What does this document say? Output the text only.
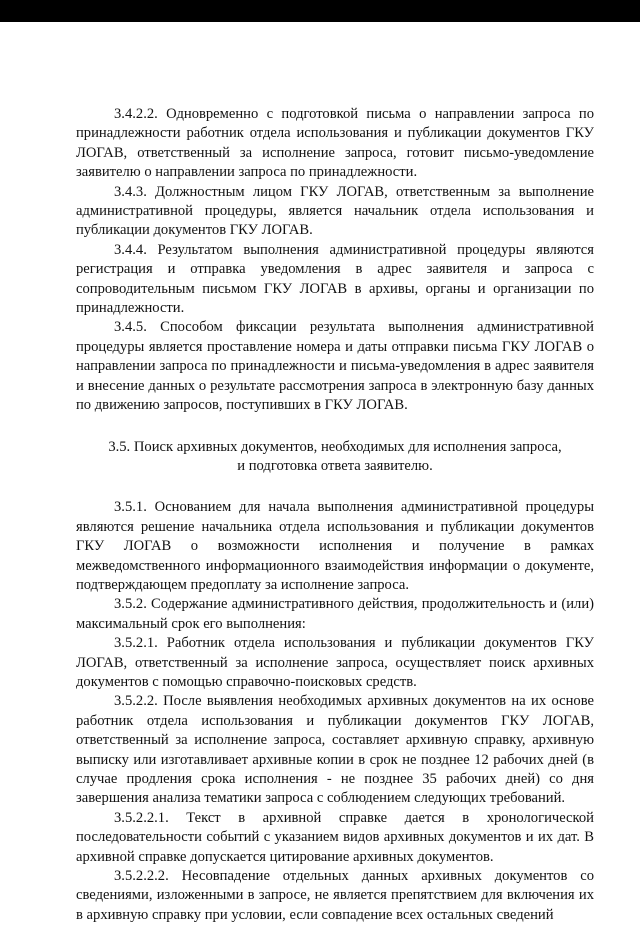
3.4.2.2. Одновременно с подготовкой письма о направлении запроса по принадлежности работник отдела использования и публикации документов ГКУ ЛОГАВ, ответственный за исполнение запроса, готовит письмо-уведомление заявителю о направлении запроса по принадлежности.

3.4.3. Должностным лицом ГКУ ЛОГАВ, ответственным за выполнение административной процедуры, является начальник отдела использования и публикации документов ГКУ ЛОГАВ.

3.4.4. Результатом выполнения административной процедуры являются регистрация и отправка уведомления в адрес заявителя и запроса с сопроводительным письмом ГКУ ЛОГАВ в архивы, органы и организации по принадлежности.

3.4.5. Способом фиксации результата выполнения административной процедуры является проставление номера и даты отправки письма ГКУ ЛОГАВ о направлении запроса по принадлежности и письма-уведомления в адрес заявителя и внесение данных о результате рассмотрения запроса в электронную базу данных по движению запросов, поступивших в ГКУ ЛОГАВ.

3.5. Поиск архивных документов, необходимых для исполнения запроса,
и подготовка ответа заявителю.

3.5.1. Основанием для начала выполнения административной процедуры являются решение начальника отдела использования и публикации документов ГКУ ЛОГАВ о возможности исполнения и получение в рамках межведомственного информационного взаимодействия информации о документе, подтверждающем предоплату за исполнение запроса.

3.5.2. Содержание административного действия, продолжительность и (или) максимальный срок его выполнения:

3.5.2.1. Работник отдела использования и публикации документов ГКУ ЛОГАВ, ответственный за исполнение запроса, осуществляет поиск архивных документов с помощью справочно-поисковых средств.

3.5.2.2. После выявления необходимых архивных документов на их основе работник отдела использования и публикации документов ГКУ ЛОГАВ, ответственный за исполнение запроса, составляет архивную справку, архивную выписку или изготавливает архивные копии в срок не позднее 12 рабочих дней (в случае продления срока исполнения - не позднее 35 рабочих дней) со дня завершения анализа тематики запроса с соблюдением следующих требований.

3.5.2.2.1. Текст в архивной справке дается в хронологической последовательности событий с указанием видов архивных документов и их дат. В архивной справке допускается цитирование архивных документов.

3.5.2.2.2. Несовпадение отдельных данных архивных документов со сведениями, изложенными в запросе, не является препятствием для включения их в архивную справку при условии, если совпадение всех остальных сведений
